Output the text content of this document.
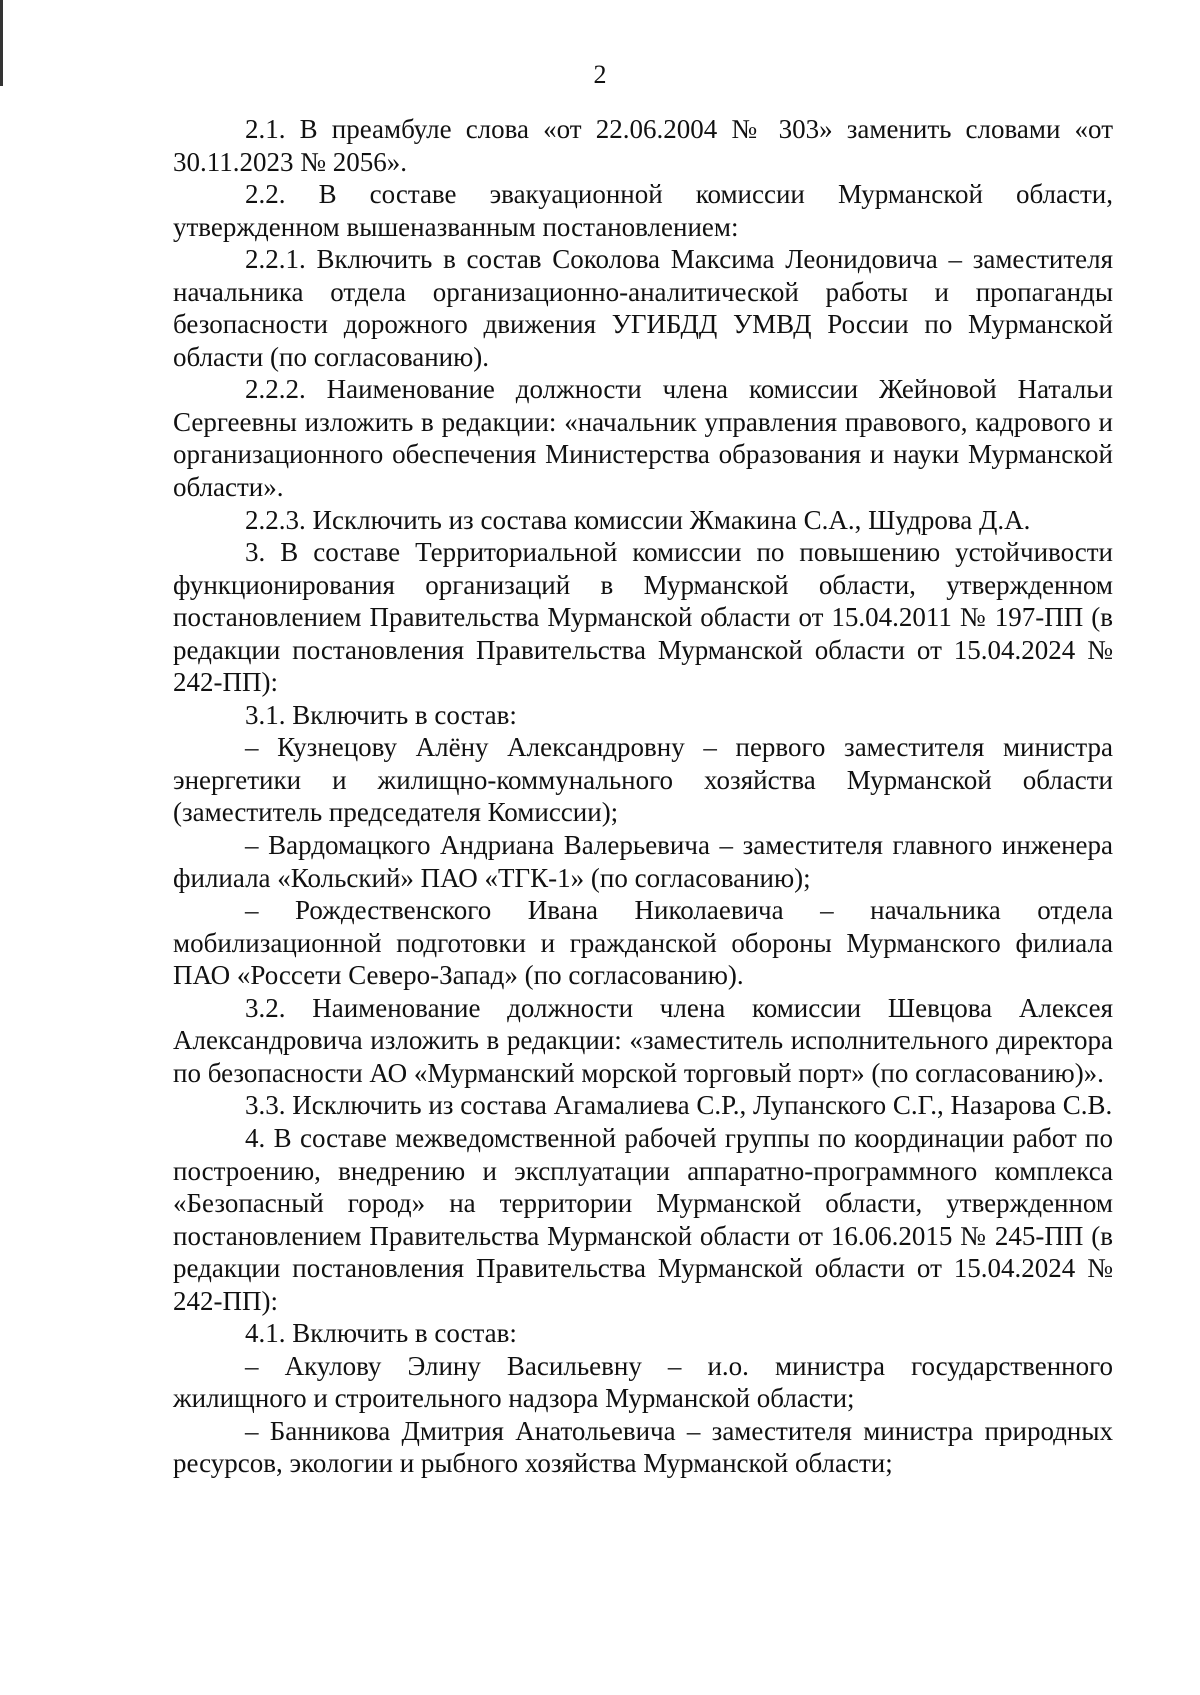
2

2.1. В преамбуле слова «от 22.06.2004 № 303» заменить словами «от 30.11.2023 № 2056».

2.2. В составе эвакуационной комиссии Мурманской области, утвержденном вышеназванным постановлением:

2.2.1. Включить в состав Соколова Максима Леонидовича – заместителя начальника отдела организационно-аналитической работы и пропаганды безопасности дорожного движения УГИБДД УМВД России по Мурманской области (по согласованию).

2.2.2. Наименование должности члена комиссии Жейновой Натальи Сергеевны изложить в редакции: «начальник управления правового, кадрового и организационного обеспечения Министерства образования и науки Мурманской области».

2.2.3. Исключить из состава комиссии Жмакина С.А., Шудрова Д.А.

3. В составе Территориальной комиссии по повышению устойчивости функционирования организаций в Мурманской области, утвержденном постановлением Правительства Мурманской области от 15.04.2011 № 197-ПП (в редакции постановления Правительства Мурманской области от 15.04.2024 № 242-ПП):

3.1. Включить в состав:

– Кузнецову Алёну Александровну – первого заместителя министра энергетики и жилищно-коммунального хозяйства Мурманской области (заместитель председателя Комиссии);

– Вардомацкого Андриана Валерьевича – заместителя главного инженера филиала «Кольский» ПАО «ТГК-1» (по согласованию);

– Рождественского Ивана Николаевича – начальника отдела мобилизационной подготовки и гражданской обороны Мурманского филиала ПАО «Россети Северо-Запад» (по согласованию).

3.2. Наименование должности члена комиссии Шевцова Алексея Александровича изложить в редакции: «заместитель исполнительного директора по безопасности АО «Мурманский морской торговый порт» (по согласованию)».

3.3. Исключить из состава Агамалиева С.Р., Лупанского С.Г., Назарова С.В.

4. В составе межведомственной рабочей группы по координации работ по построению, внедрению и эксплуатации аппаратно-программного комплекса «Безопасный город» на территории Мурманской области, утвержденном постановлением Правительства Мурманской области от 16.06.2015 № 245-ПП (в редакции постановления Правительства Мурманской области от 15.04.2024 № 242-ПП):

4.1. Включить в состав:

– Акулову Элину Васильевну – и.о. министра государственного жилищного и строительного надзора Мурманской области;

– Банникова Дмитрия Анатольевича – заместителя министра природных ресурсов, экологии и рыбного хозяйства Мурманской области;
